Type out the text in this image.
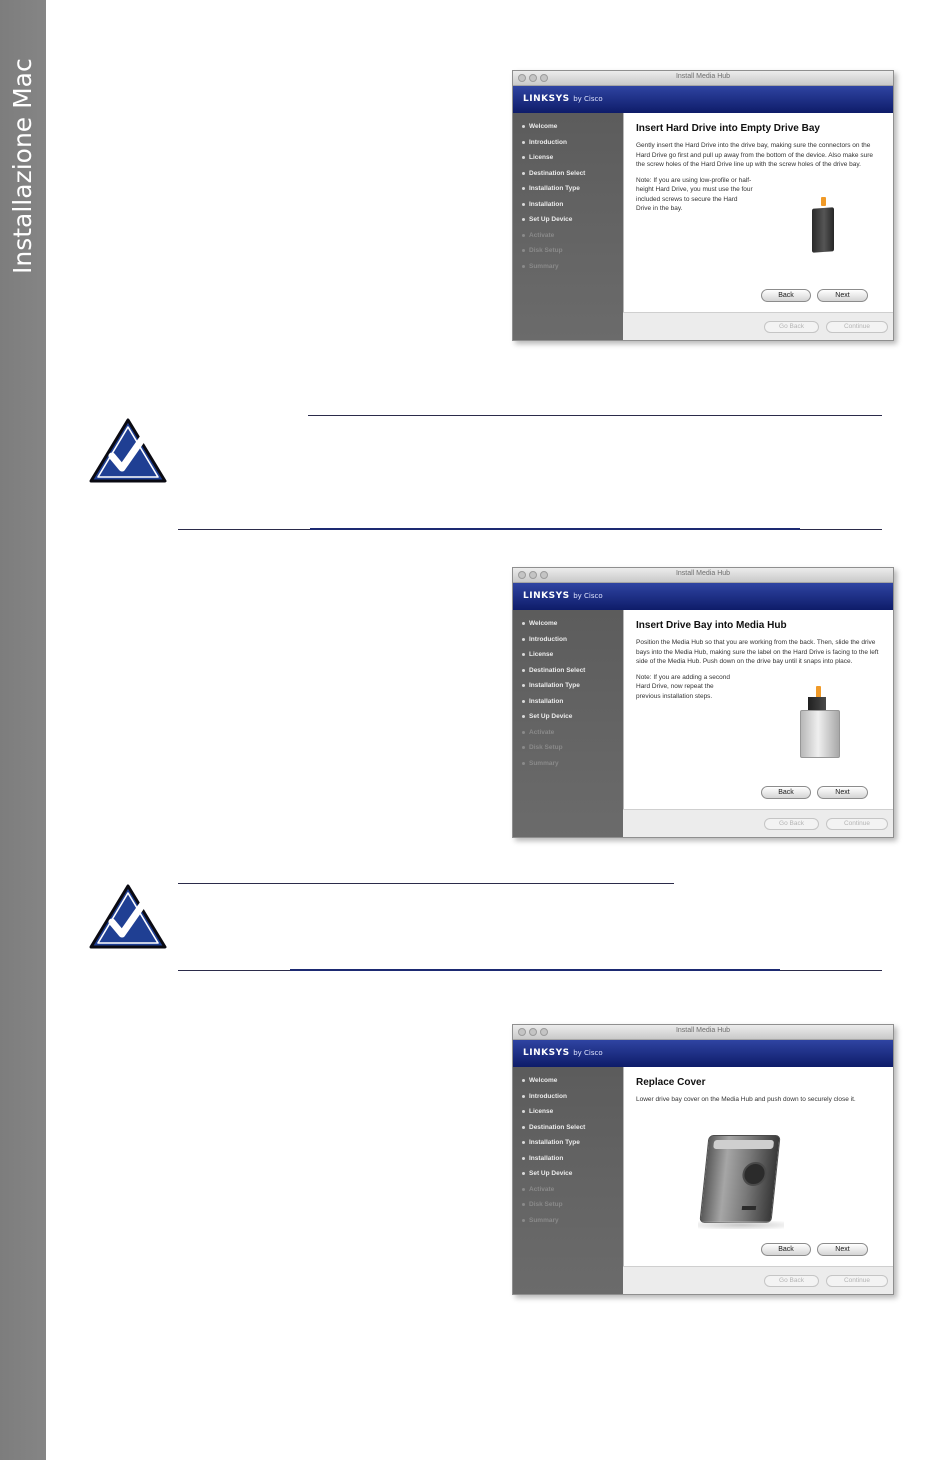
Installazione Mac	Install Media Hub
LINKSYS by Cisco
Welcome
Introduction
License
Destination Select
Installation Type
Installation
Set Up Device
Activate
Disk Setup
Summary
Insert Hard Drive into Empty Drive Bay

Gently insert the Hard Drive into the drive bay, making sure the connectors on the Hard Drive go first and pull up away from the bottom of the device. Also make sure the screw holes of the Hard Drive line up with the screw holes of the drive bay.

Note: If you are using low-profile or half-height Hard Drive, you must use the four included screws to secure the Hard Drive in the bay.

Back	Next
Go Back	Continue
Install Media Hub
LINKSYS by Cisco
Welcome
Introduction
License
Destination Select
Installation Type
Installation
Set Up Device
Activate
Disk Setup
Summary
Insert Drive Bay into Media Hub

Position the Media Hub so that you are working from the back. Then, slide the drive bays into the Media Hub, making sure the label on the Hard Drive is facing to the left side of the Media Hub. Push down on the drive bay until it snaps into place.

Note: If you are adding a second Hard Drive, now repeat the previous installation steps.

Back	Next
Go Back	Continue
Install Media Hub
LINKSYS by Cisco
Welcome
Introduction
License
Destination Select
Installation Type
Installation
Set Up Device
Activate
Disk Setup
Summary
Replace Cover

Lower drive bay cover on the Media Hub and push down to securely close it.

Back	Next
Go Back	Continue
